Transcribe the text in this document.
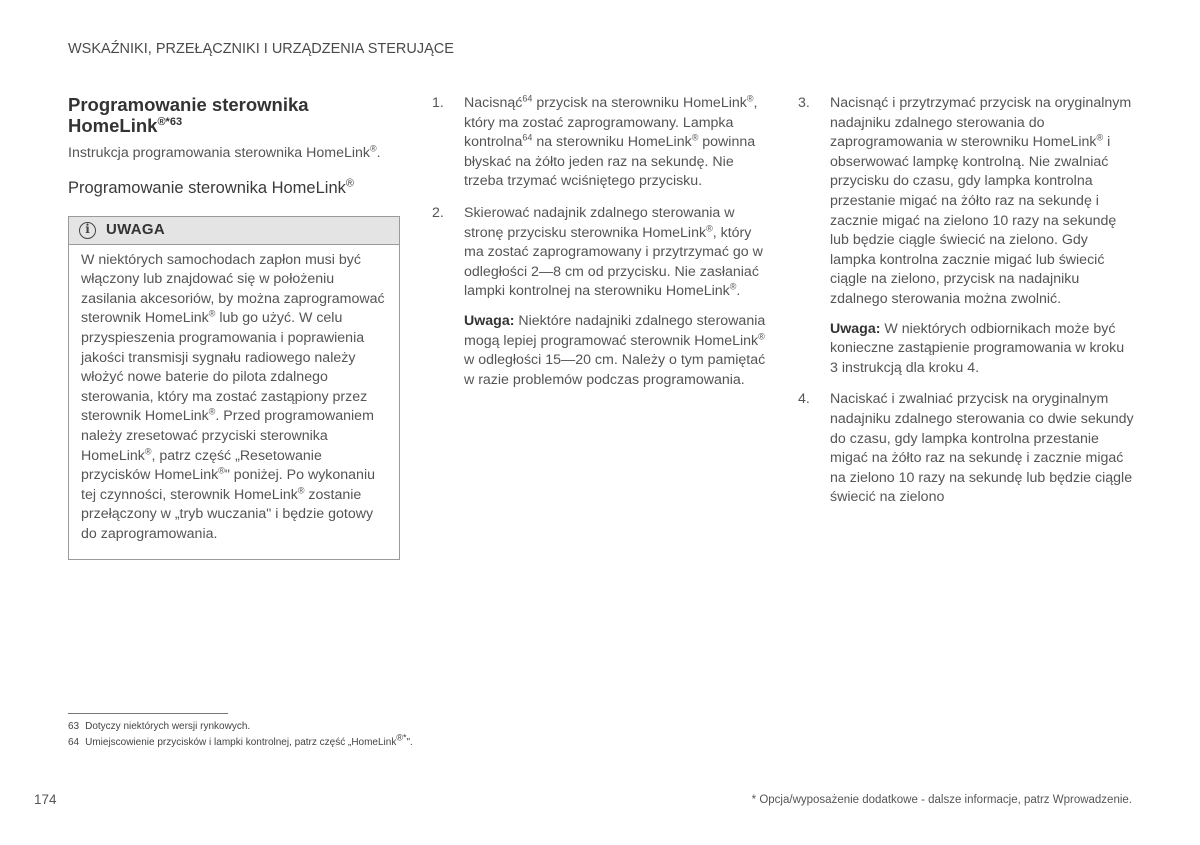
WSKAŹNIKI, PRZEŁĄCZNIKI I URZĄDZENIA STERUJĄCE
Programowanie sterownika HomeLink$^{®*63}$

Instrukcja programowania sterownika HomeLink®.

Programowanie sterownika HomeLink®
i	UWAGA
W niektórych samochodach zapłon musi być włączony lub znajdować się w położeniu zasilania akcesoriów, by można zaprogramować sterownik HomeLink® lub go użyć. W celu przyspieszenia programowania i poprawienia jakości transmisji sygnału radiowego należy włożyć nowe baterie do pilota zdalnego sterowania, który ma zostać zastąpiony przez sterownik HomeLink®. Przed programowaniem należy zresetować przyciski sterownika HomeLink®, patrz część „Resetowanie przycisków HomeLink®" poniżej. Po wykonaniu tej czynności, sterownik HomeLink® zostanie przełączony w „tryb wuczania" i będzie gotowy do zaprogramowania.
1.	Nacisnąć$^{64}$ przycisk na sterowniku HomeLink®, który ma zostać zaprogramowany. Lampka kontrolna$^{64}$ na sterowniku HomeLink® powinna błyskać na żółto jeden raz na sekundę. Nie trzeba trzymać wciśniętego przycisku.

2.	Skierować nadajnik zdalnego sterowania w stronę przycisku sterownika HomeLink®, który ma zostać zaprogramowany i przytrzymać go w odległości 2—8 cm od przycisku. Nie zasłaniać lampki kontrolnej na sterowniku HomeLink®.

Uwaga: Niektóre nadajniki zdalnego sterowania mogą lepiej programować sterownik HomeLink® w odległości 15—20 cm. Należy o tym pamiętać w razie problemów podczas programowania.

3.	Nacisnąć i przytrzymać przycisk na oryginalnym nadajniku zdalnego sterowania do zaprogramowania w sterowniku HomeLink® i obserwować lampkę kontrolną. Nie zwalniać przycisku do czasu, gdy lampka kontrolna przestanie migać na żółto raz na sekundę i zacznie migać na zielono 10 razy na sekundę lub będzie ciągle świecić na zielono. Gdy lampka kontrolna zacznie migać lub świecić ciągle na zielono, przycisk na nadajniku zdalnego sterowania można zwolnić.

Uwaga: W niektórych odbiornikach może być konieczne zastąpienie programowania w kroku 3 instrukcją dla kroku 4.

4.	Naciskać i zwalniać przycisk na oryginalnym nadajniku zdalnego sterowania co dwie sekundy do czasu, gdy lampka kontrolna przestanie migać na żółto raz na sekundę i zacznie migać na zielono 10 razy na sekundę lub będzie ciągle świecić na zielono

63 Dotyczy niektórych wersji rynkowych.
64 Umiejscowienie przycisków i lampki kontrolnej, patrz część „HomeLink®*".
174	* Opcja/wyposażenie dodatkowe - dalsze informacje, patrz Wprowadzenie.
